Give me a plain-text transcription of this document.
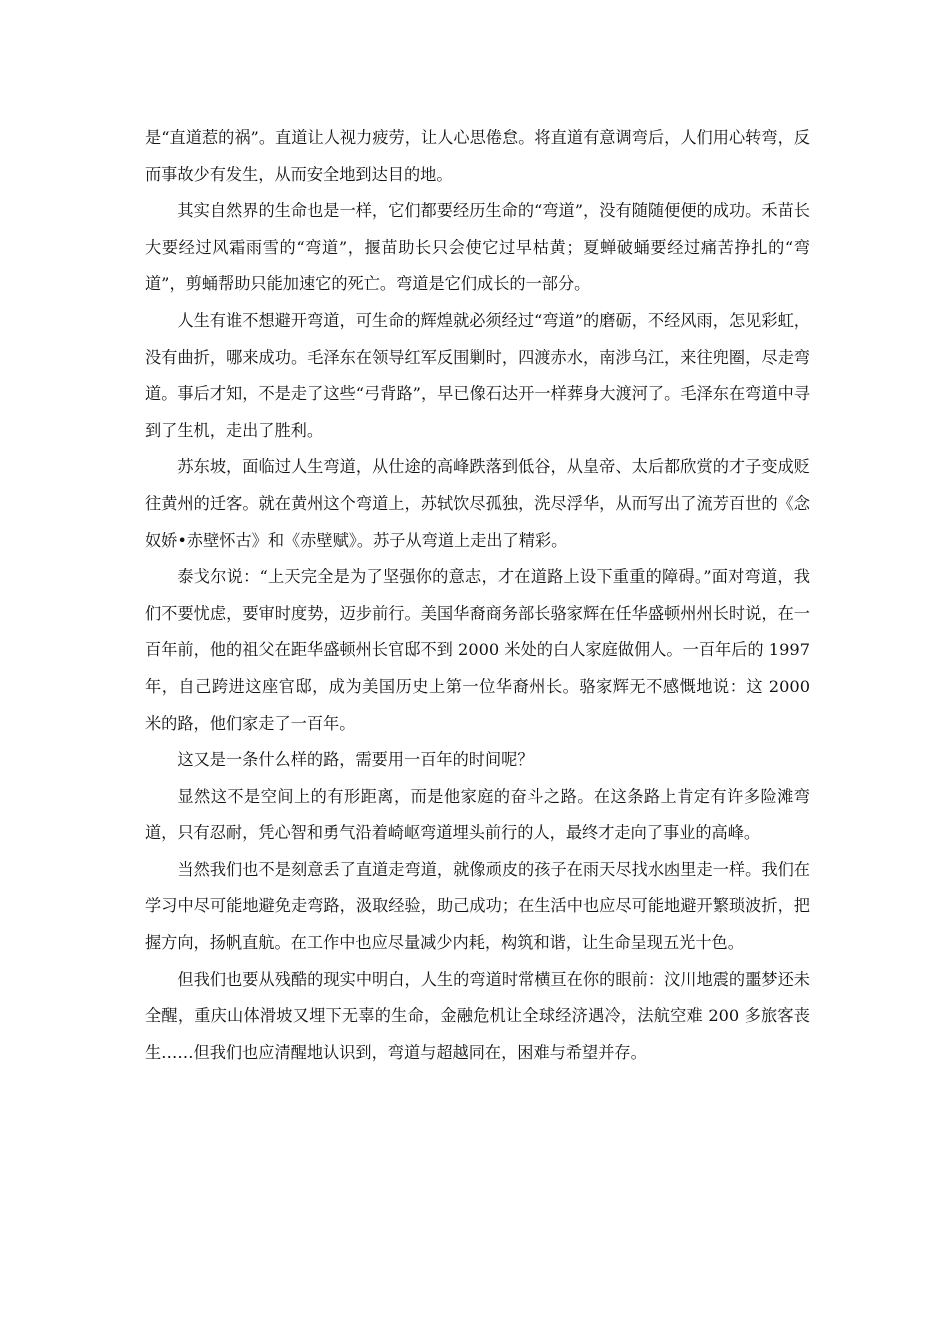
是“直道惹的祸”。直道让人视力疲劳，让人心思倦怠。将直道有意调弯后，人们用心转弯，反而事故少有发生，从而安全地到达目的地。

其实自然界的生命也是一样，它们都要经历生命的“弯道”，没有随随便便的成功。禾苗长大要经过风霜雨雪的“弯道”，揠苗助长只会使它过早枯黄；夏蝉破蛹要经过痛苦挣扎的“弯道”，剪蛹帮助只能加速它的死亡。弯道是它们成长的一部分。

人生有谁不想避开弯道，可生命的辉煌就必须经过“弯道”的磨砺，不经风雨，怎见彩虹，没有曲折，哪来成功。毛泽东在领导红军反围剿时，四渡赤水，南涉乌江，来往兜圈，尽走弯道。事后才知，不是走了这些“弓背路”，早已像石达开一样葬身大渡河了。毛泽东在弯道中寻到了生机，走出了胜利。

苏东坡，面临过人生弯道，从仕途的高峰跌落到低谷，从皇帝、太后都欣赏的才子变成贬往黄州的迁客。就在黄州这个弯道上，苏轼饮尽孤独，洗尽浮华，从而写出了流芳百世的《念奴娇•赤壁怀古》和《赤壁赋》。苏子从弯道上走出了精彩。

泰戈尔说：“上天完全是为了坚强你的意志，才在道路上设下重重的障碍。”面对弯道，我们不要忧虑，要审时度势，迈步前行。美国华裔商务部长骆家辉在任华盛顿州州长时说，在一百年前，他的祖父在距华盛顿州长官邸不到 2000 米处的白人家庭做佣人。一百年后的 1997 年，自己跨进这座官邸，成为美国历史上第一位华裔州长。骆家辉无不感慨地说：这 2000 米的路，他们家走了一百年。

这又是一条什么样的路，需要用一百年的时间呢？

显然这不是空间上的有形距离，而是他家庭的奋斗之路。在这条路上肯定有许多险滩弯道，只有忍耐，凭心智和勇气沿着崎岖弯道埋头前行的人，最终才走向了事业的高峰。

当然我们也不是刻意丢了直道走弯道，就像顽皮的孩子在雨天尽找水凼里走一样。我们在学习中尽可能地避免走弯路，汲取经验，助己成功；在生活中也应尽可能地避开繁琐波折，把握方向，扬帆直航。在工作中也应尽量减少内耗，构筑和谐，让生命呈现五光十色。

但我们也要从残酷的现实中明白，人生的弯道时常横亘在你的眼前：汶川地震的噩梦还未全醒，重庆山体滑坡又埋下无辜的生命，金融危机让全球经济遇冷，法航空难 200 多旅客丧生……但我们也应清醒地认识到，弯道与超越同在，困难与希望并存。
